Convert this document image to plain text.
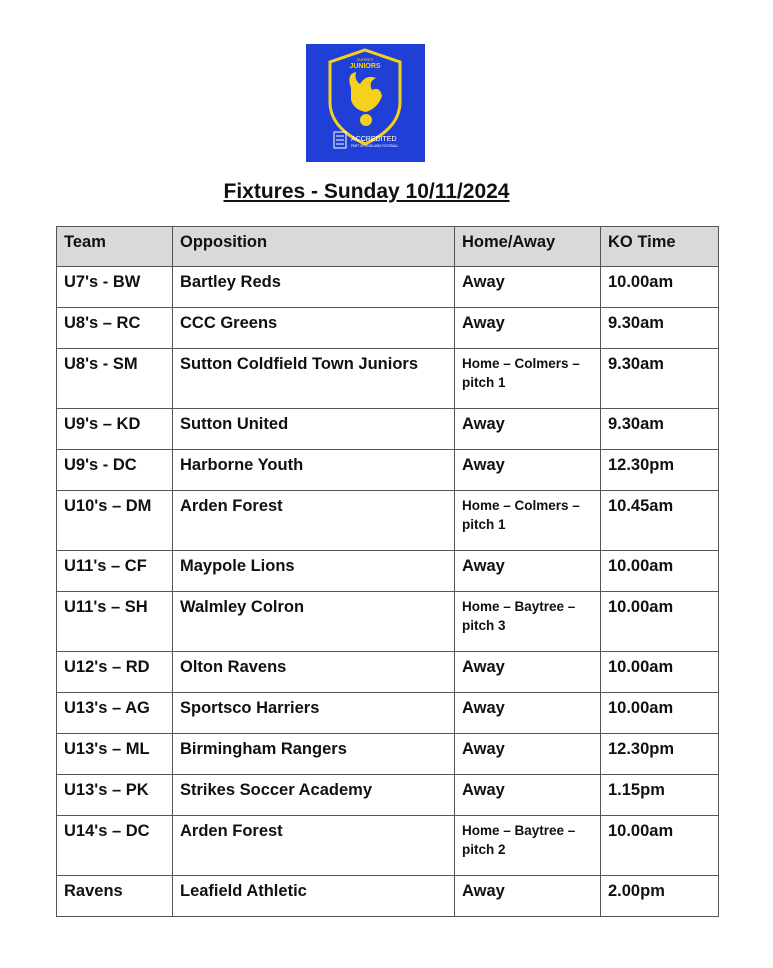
SURREY
JUNIORS
ACCREDITED
PART OF ENGLAND FOOTBALL
Fixtures - Sunday 10/11/2024
Team	Opposition	Home/Away	KO Time
U7's - BW	Bartley Reds	Away	10.00am
U8's – RC	CCC Greens	Away	9.30am
U8's - SM	Sutton Coldfield Town Juniors	Home – Colmers – pitch 1	9.30am
U9's – KD	Sutton United	Away	9.30am
U9's - DC	Harborne Youth	Away	12.30pm
U10's – DM	Arden Forest	Home – Colmers – pitch 1	10.45am
U11's – CF	Maypole Lions	Away	10.00am
U11's – SH	Walmley Colron	Home – Baytree – pitch 3	10.00am
U12's – RD	Olton Ravens	Away	10.00am
U13's – AG	Sportsco Harriers	Away	10.00am
U13's – ML	Birmingham Rangers	Away	12.30pm
U13's – PK	Strikes Soccer Academy	Away	1.15pm
U14's – DC	Arden Forest	Home – Baytree – pitch 2	10.00am
Ravens	Leafield Athletic	Away	2.00pm
